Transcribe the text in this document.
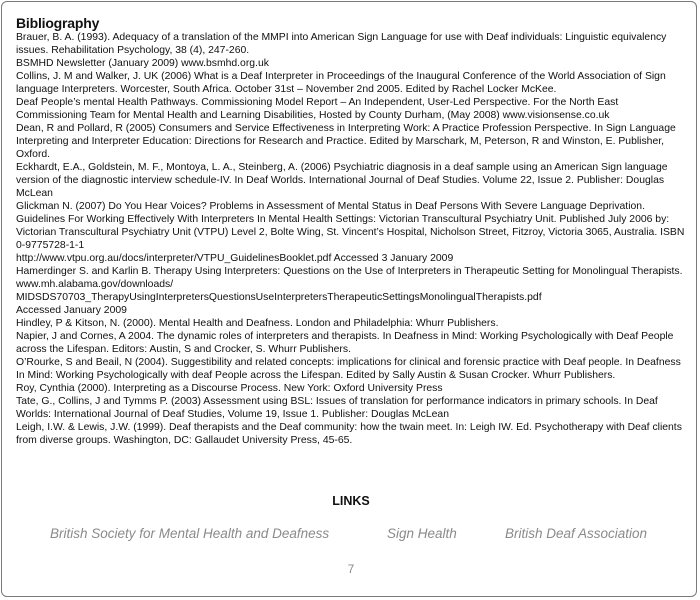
Bibliography
Brauer, B. A. (1993). Adequacy of a translation of the MMPI into American Sign Language for use with Deaf individuals: Linguistic equivalency issues. Rehabilitation Psychology, 38 (4), 247-260.
BSMHD Newsletter (January 2009) www.bsmhd.org.uk
Collins, J. M and Walker, J. UK (2006) What is a Deaf Interpreter in Proceedings of the Inaugural Conference of the World Association of Sign language Interpreters. Worcester, South Africa. October 31st – November 2nd 2005. Edited by Rachel Locker McKee.
Deaf People’s mental Health Pathways. Commissioning Model Report – An Independent, User-Led Perspective. For the North East Commissioning Team for Mental Health and Learning Disabilities, Hosted by County Durham, (May 2008) www.visionsense.co.uk
Dean, R and Pollard, R (2005) Consumers and Service Effectiveness in Interpreting Work: A Practice Profession Perspective. In Sign Language Interpreting and Interpreter Education: Directions for Research and Practice. Edited by Marschark, M, Peterson, R and Winston, E. Publisher, Oxford.
Eckhardt, E.A., Goldstein, M. F., Montoya, L. A., Steinberg, A. (2006) Psychiatric diagnosis in a deaf sample using an American Sign language version of the diagnostic interview schedule-IV. In Deaf Worlds. International Journal of Deaf Studies. Volume 22, Issue 2. Publisher: Douglas McLean
Glickman N. (2007) Do You Hear Voices? Problems in Assessment of Mental Status in Deaf Persons With Severe Language Deprivation.
Guidelines For Working Effectively With Interpreters In Mental Health Settings: Victorian Transcultural Psychiatry Unit. Published July 2006 by: Victorian Transcultural Psychiatry Unit (VTPU) Level 2, Bolte Wing, St. Vincent’s Hospital, Nicholson Street, Fitzroy, Victoria 3065, Australia. ISBN 0-9775728-1-1
http://www.vtpu.org.au/docs/interpreter/VTPU_GuidelinesBooklet.pdf Accessed 3 January 2009
Hamerdinger S. and Karlin B. Therapy Using Interpreters: Questions on the Use of Interpreters in Therapeutic Setting for Monolingual Therapists. www.mh.alabama.gov/downloads/ MIDSDS70703_TherapyUsingInterpretersQuestionsUseInterpretersTherapeuticSettingsMonolingualTherapists.pdf
Accessed January 2009
Hindley, P & Kitson, N. (2000). Mental Health and Deafness. London and Philadelphia: Whurr Publishers.
Napier, J and Cornes, A 2004. The dynamic roles of interpreters and therapists. In Deafness in Mind: Working Psychologically with Deaf People across the Lifespan. Editors: Austin, S and Crocker, S. Whurr Publishers.
O’Rourke, S and Beail, N (2004). Suggestibility and related concepts: implications for clinical and forensic practice with Deaf people. In Deafness In Mind: Working Psychologically with deaf People across the Lifespan. Edited by Sally Austin & Susan Crocker. Whurr Publishers.
Roy, Cynthia (2000). Interpreting as a Discourse Process. New York: Oxford University Press
Tate, G., Collins, J and Tymms P. (2003) Assessment using BSL: Issues of translation for performance indicators in primary schools. In Deaf Worlds: International Journal of Deaf Studies, Volume 19, Issue 1. Publisher: Douglas McLean
Leigh, I.W. & Lewis, J.W. (1999). Deaf therapists and the Deaf community: how the twain meet. In: Leigh IW. Ed. Psychotherapy with Deaf clients from diverse groups. Washington, DC: Gallaudet University Press, 45-65.
LINKS
British Society for Mental Health and Deafness	Sign Health	British Deaf Association
7
